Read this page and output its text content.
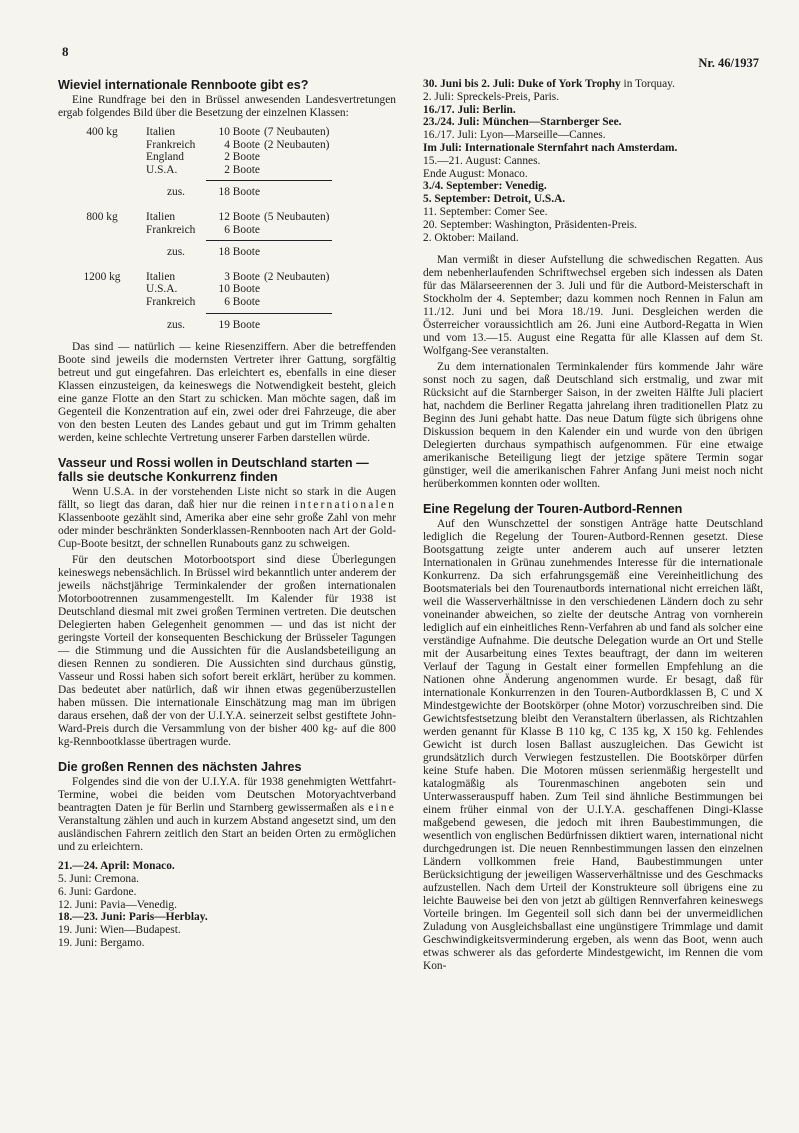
8
Nr. 46/1937
Wieviel internationale Rennboote gibt es?

Eine Rundfrage bei den in Brüssel anwesenden Landesvertretungen ergab folgendes Bild über die Besetzung der einzelnen Klassen:

400 kg	Italien	10 Boote (7 Neubauten)
Frankreich	4 Boote (2 Neubauten)
England	2 Boote
U.S.A.	2 Boote
zus.	18 Boote
800 kg	Italien	12 Boote (5 Neubauten)
Frankreich	6 Boote
zus.	18 Boote
1200 kg	Italien	3 Boote (2 Neubauten)
U.S.A.	10 Boote
Frankreich	6 Boote
zus.	19 Boote

Das sind — natürlich — keine Riesenziffern. Aber die betreffenden Boote sind jeweils die modernsten Vertreter ihrer Gattung, sorgfältig betreut und gut eingefahren. Das erleichtert es, ebenfalls in eine dieser Klassen einzusteigen, da keineswegs die Notwendigkeit besteht, gleich eine ganze Flotte an den Start zu schicken. Man möchte sagen, daß im Gegenteil die Konzentration auf ein, zwei oder drei Fahrzeuge, die aber von den besten Leuten des Landes gebaut und gut im Trimm gehalten werden, keine schlechte Vertretung unserer Farben darstellen würde.

Vasseur und Rossi wollen in Deutschland starten — falls sie deutsche Konkurrenz finden

Wenn U.S.A. in der vorstehenden Liste nicht so stark in die Augen fällt, so liegt das daran, daß hier nur die reinen internationalen Klassenboote gezählt sind, Amerika aber eine sehr große Zahl von mehr oder minder beschränkten Sonderklassen-Rennbooten nach Art der Gold-Cup-Boote besitzt, der schnellen Runabouts ganz zu schweigen.

Für den deutschen Motorbootsport sind diese Überlegungen keineswegs nebensächlich. In Brüssel wird bekanntlich unter anderem der jeweils nächstjährige Terminkalender der großen internationalen Motorbootrennen zusammengestellt. Im Kalender für 1938 ist Deutschland diesmal mit zwei großen Terminen vertreten. Die deutschen Delegierten haben Gelegenheit genommen — und das ist nicht der geringste Vorteil der konsequenten Beschickung der Brüsseler Tagungen — die Stimmung und die Aussichten für die Auslandsbeteiligung an diesen Rennen zu sondieren. Die Aussichten sind durchaus günstig, Vasseur und Rossi haben sich sofort bereit erklärt, herüber zu kommen. Das bedeutet aber natürlich, daß wir ihnen etwas gegenüberzustellen haben müssen. Die internationale Einschätzung mag man im übrigen daraus ersehen, daß der von der U.I.Y.A. seinerzeit selbst gestiftete John-Ward-Preis durch die Versammlung von der bisher 400 kg- auf die 800 kg-Rennbootklasse übertragen wurde.

Die großen Rennen des nächsten Jahres

Folgendes sind die von der U.I.Y.A. für 1938 genehmigten Wettfahrt-Termine, wobei die beiden vom Deutschen Motoryachtverband beantragten Daten je für Berlin und Starnberg gewissermaßen als eine Veranstaltung zählen und auch in kurzem Abstand angesetzt sind, um den ausländischen Fahrern zeitlich den Start an beiden Orten zu ermöglichen und zu erleichtern.

21.—24. April: Monaco.
5. Juni: Cremona.
6. Juni: Gardone.
12. Juni: Pavia—Venedig.
18.—23. Juni: Paris—Herblay.
19. Juni: Wien—Budapest.
19. Juni: Bergamo.
30. Juni bis 2. Juli: Duke of York Trophy in Torquay.
2. Juli: Spreckels-Preis, Paris.
16./17. Juli: Berlin.
23./24. Juli: München—Starnberger See.
16./17. Juli: Lyon—Marseille—Cannes.
Im Juli: Internationale Sternfahrt nach Amsterdam.
15.—21. August: Cannes.
Ende August: Monaco.
3./4. September: Venedig.
5. September: Detroit, U.S.A.
11. September: Comer See.
20. September: Washington, Präsidenten-Preis.
2. Oktober: Mailand.

Man vermißt in dieser Aufstellung die schwedischen Regatten. Aus dem nebenherlaufenden Schriftwechsel ergeben sich indessen als Daten für das Mälarseerennen der 3. Juli und für die Autbord-Meisterschaft in Stockholm der 4. September; dazu kommen noch Rennen in Falun am 11./12. Juni und bei Mora 18./19. Juni. Desgleichen werden die Österreicher voraussichtlich am 26. Juni eine Autbord-Regatta in Wien und vom 13.—15. August eine Regatta für alle Klassen auf dem St. Wolfgang-See veranstalten.

Zu dem internationalen Terminkalender fürs kommende Jahr wäre sonst noch zu sagen, daß Deutschland sich erstmalig, und zwar mit Rücksicht auf die Starnberger Saison, in der zweiten Hälfte Juli placiert hat, nachdem die Berliner Regatta jahrelang ihren traditionellen Platz zu Beginn des Juni gehabt hatte. Das neue Datum fügte sich übrigens ohne Diskussion bequem in den Kalender ein und wurde von den übrigen Delegierten durchaus sympathisch aufgenommen. Für eine etwaige amerikanische Beteiligung liegt der jetzige spätere Termin sogar günstiger, weil die amerikanischen Fahrer Anfang Juni meist noch nicht herüberkommen konnten oder wollten.

Eine Regelung der Touren-Autbord-Rennen

Auf den Wunschzettel der sonstigen Anträge hatte Deutschland lediglich die Regelung der Touren-Autbord-Rennen gesetzt. Diese Bootsgattung zeigte unter anderem auch auf unserer letzten Internationalen in Grünau zunehmendes Interesse für die internationale Konkurrenz. Da sich erfahrungsgemäß eine Vereinheitlichung des Bootsmaterials bei den Tourenautbords international nicht erreichen läßt, weil die Wasserverhältnisse in den verschiedenen Ländern doch zu sehr voneinander abweichen, so zielte der deutsche Antrag von vornherein lediglich auf ein einheitliches Renn-Verfahren ab und fand als solcher eine verständige Aufnahme. Die deutsche Delegation wurde an Ort und Stelle mit der Ausarbeitung eines Textes beauftragt, der dann im weiteren Verlauf der Tagung in Gestalt einer formellen Empfehlung an die Nationen ohne Änderung angenommen wurde. Er besagt, daß für internationale Konkurrenzen in den Touren-Autbordklassen B, C und X Mindestgewichte der Bootskörper (ohne Motor) vorzuschreiben sind. Die Gewichtsfestsetzung bleibt den Veranstaltern überlassen, als Richtzahlen werden genannt für Klasse B 110 kg, C 135 kg, X 150 kg. Fehlendes Gewicht ist durch losen Ballast auszugleichen. Das Gewicht ist grundsätzlich durch Verwiegen festzustellen. Die Bootskörper dürfen keine Stufe haben. Die Motoren müssen serienmäßig hergestellt und katalogmäßig als Tourenmaschinen angeboten sein und Unterwasserauspuff haben. Zum Teil sind ähnliche Bestimmungen bei einem früher einmal von der U.I.Y.A. geschaffenen Dingi-Klasse maßgebend gewesen, die jedoch mit ihren Baubestimmungen, die wesentlich von englischen Bedürfnissen diktiert waren, international nicht durchgedrungen ist. Die neuen Rennbestimmungen lassen den einzelnen Ländern vollkommen freie Hand, Baubestimmungen unter Berücksichtigung der jeweiligen Wasserverhältnisse und des Geschmacks aufzustellen. Nach dem Urteil der Konstrukteure soll übrigens eine zu leichte Bauweise bei den von jetzt ab gültigen Rennverfahren keineswegs Vorteile bringen. Im Gegenteil soll sich dann bei der unvermeidlichen Zuladung von Ausgleichsballast eine ungünstigere Trimmlage und damit Geschwindigkeitsverminderung ergeben, als wenn das Boot, wenn auch etwas schwerer als das geforderte Mindestgewicht, im Rennen die vom Kon-
